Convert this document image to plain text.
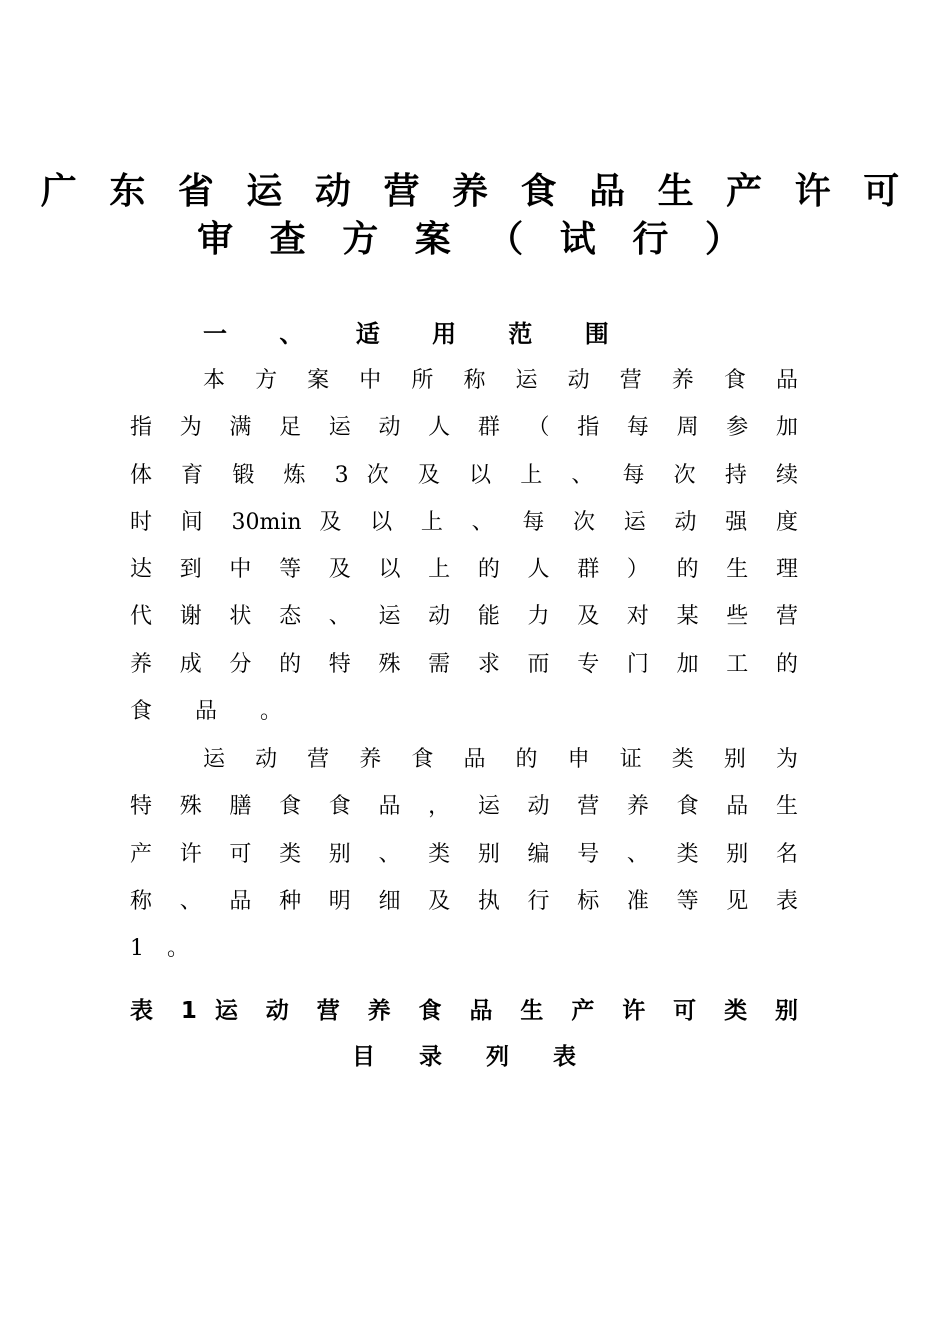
广 东 省 运 动 营 养 食 品 生 产 许 可
审 查 方 案 （ 试 行 ）
一 、 适 用 范 围
本 方 案 中 所 称 运 动 营 养 食 品
指 为 满 足 运 动 人 群 （ 指 每 周 参 加
体 育 锻 炼 3 次 及 以 上 、 每 次 持 续
时 间 30min 及 以 上 、 每 次 运 动 强 度
达 到 中 等 及 以 上 的 人 群 ） 的 生 理
代 谢 状 态 、 运 动 能 力 及 对 某 些 营
养 成 分 的 特 殊 需 求 而 专 门 加 工 的
食 品 。
运 动 营 养 食 品 的 申 证 类 别 为
特 殊 膳 食 食 品 ， 运 动 营 养 食 品 生
产 许 可 类 别 、 类 别 编 号 、 类 别 名
称 、 品 种 明 细 及 执 行 标 准 等 见 表
1 。
表 1 运 动 营 养 食 品 生 产 许 可 类 别
目 录 列 表
